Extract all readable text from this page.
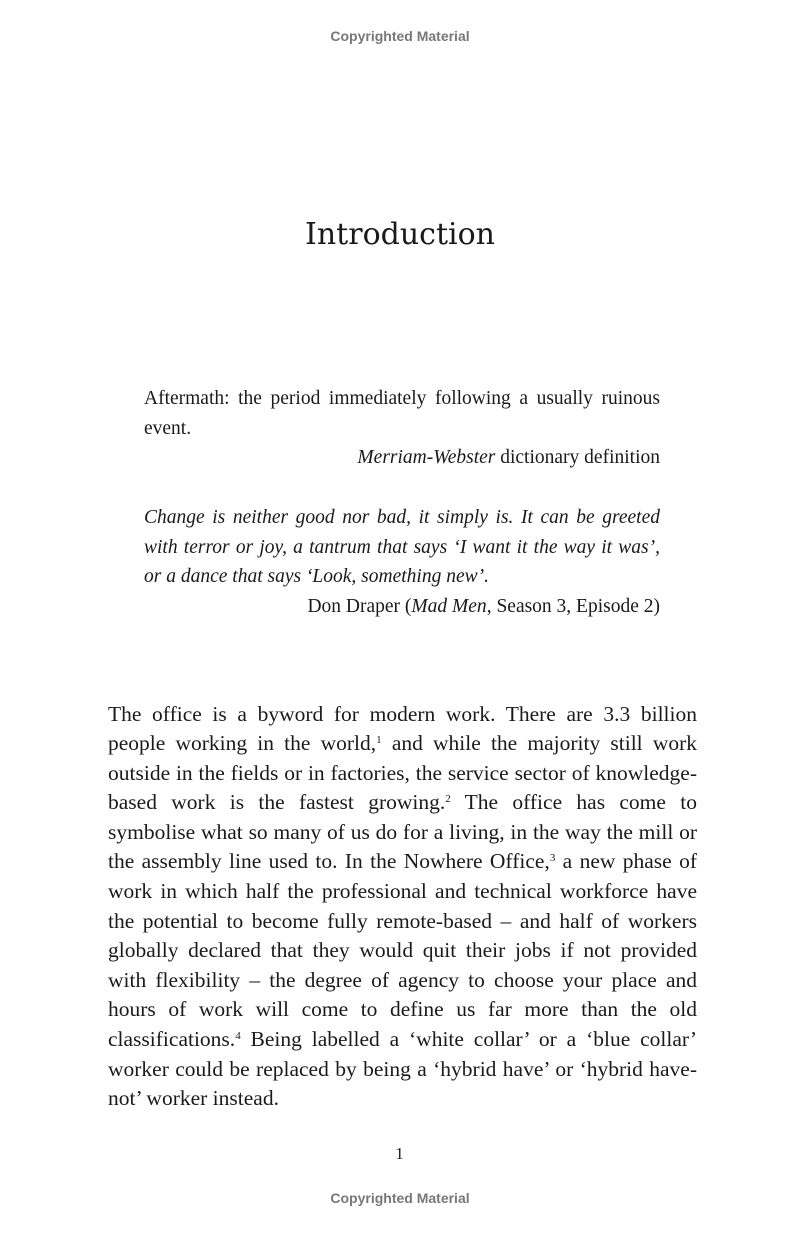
Copyrighted Material
Introduction
Aftermath: the period immediately following a usually ruinous event.
Merriam-Webster dictionary definition
Change is neither good nor bad, it simply is. It can be greeted with terror or joy, a tantrum that says ‘I want it the way it was’, or a dance that says ‘Look, something new’.
Don Draper (Mad Men, Season 3, Episode 2)

The office is a byword for modern work. There are 3.3 billion people working in the world,$^1$ and while the majority still work outside in the fields or in factories, the service sector of knowledge-based work is the fastest growing.$^2$ The office has come to symbolise what so many of us do for a living, in the way the mill or the assembly line used to. In the Nowhere Office,$^3$ a new phase of work in which half the professional and technical workforce have the potential to become fully remote-based – and half of workers globally declared that they would quit their jobs if not provided with flexibility – the degree of agency to choose your place and hours of work will come to define us far more than the old classifications.$^4$ Being labelled a ‘white collar’ or a ‘blue collar’ worker could be replaced by being a ‘hybrid have’ or ‘hybrid have-not’ worker instead.

1
Copyrighted Material
